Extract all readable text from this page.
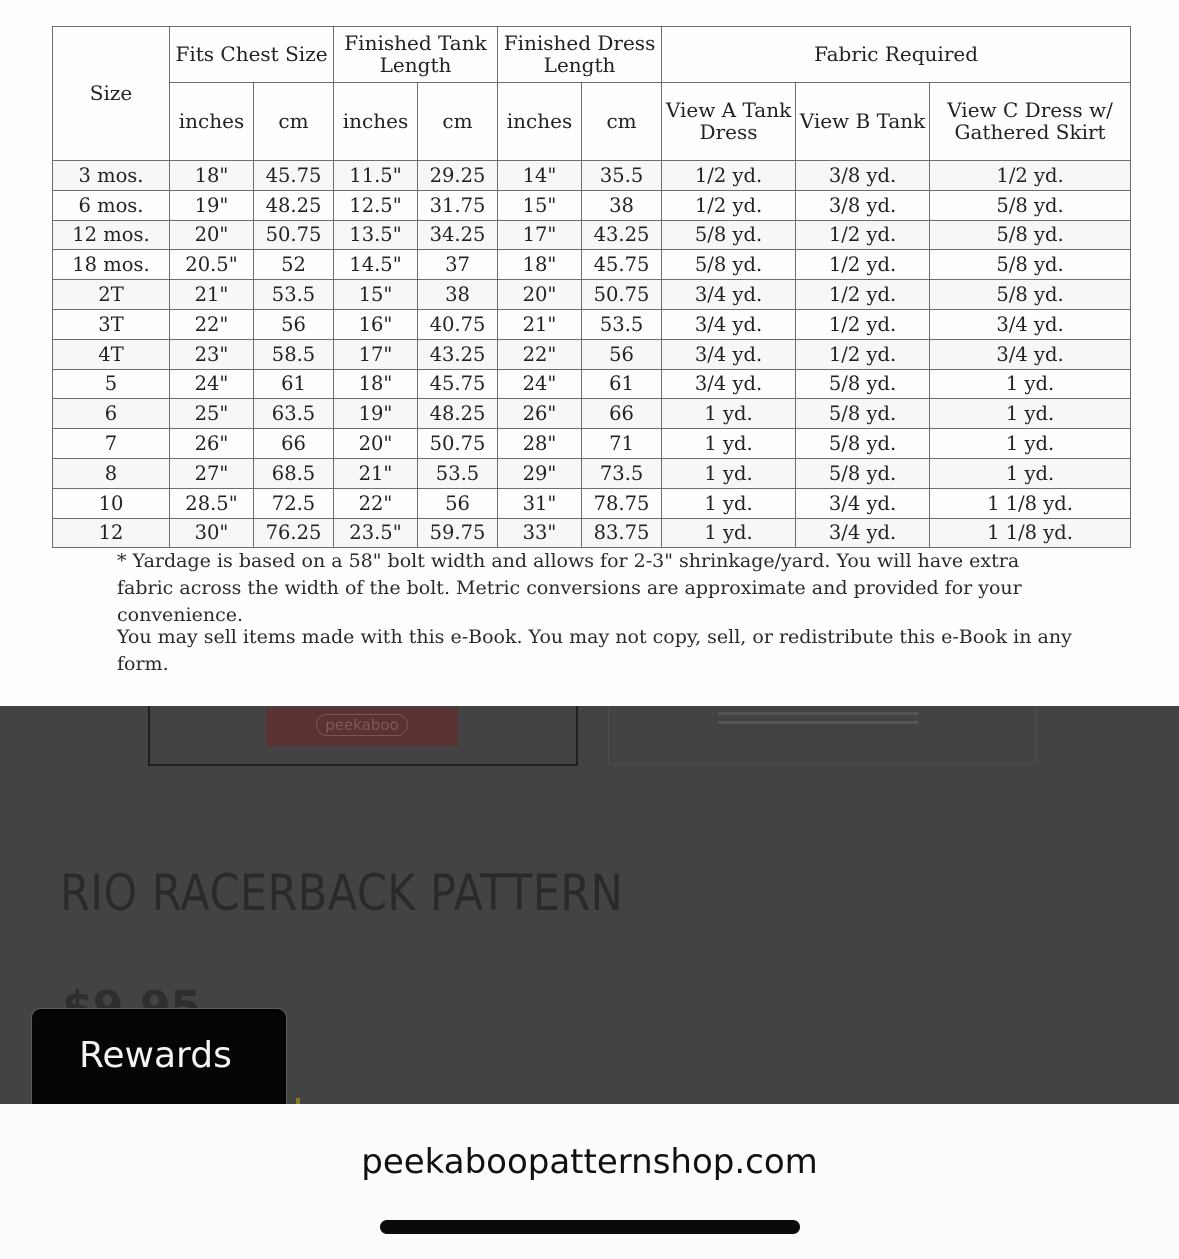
Size	Fits Chest Size		Finished Tank Length		Finished Dress Length		Fabric Required		
	inches	cm	inches	cm	inches	cm	View A Tank Dress	View B Tank	View C Dress w/ Gathered Skirt
3 mos.	18"	45.75	11.5"	29.25	14"	35.5	1/2 yd.	3/8 yd.	1/2 yd.
6 mos.	19"	48.25	12.5"	31.75	15"	38	1/2 yd.	3/8 yd.	5/8 yd.
12 mos.	20"	50.75	13.5"	34.25	17"	43.25	5/8 yd.	1/2 yd.	5/8 yd.
18 mos.	20.5"	52	14.5"	37	18"	45.75	5/8 yd.	1/2 yd.	5/8 yd.
2T	21"	53.5	15"	38	20"	50.75	3/4 yd.	1/2 yd.	5/8 yd.
3T	22"	56	16"	40.75	21"	53.5	3/4 yd.	1/2 yd.	3/4 yd.
4T	23"	58.5	17"	43.25	22"	56	3/4 yd.	1/2 yd.	3/4 yd.
5	24"	61	18"	45.75	24"	61	3/4 yd.	5/8 yd.	1 yd.
6	25"	63.5	19"	48.25	26"	66	1 yd.	5/8 yd.	1 yd.
7	26"	66	20"	50.75	28"	71	1 yd.	5/8 yd.	1 yd.
8	27"	68.5	21"	53.5	29"	73.5	1 yd.	5/8 yd.	1 yd.
10	28.5"	72.5	22"	56	31"	78.75	1 yd.	3/4 yd.	1 1/8 yd.
12	30"	76.25	23.5"	59.75	33"	83.75	1 yd.	3/4 yd.	1 1/8 yd.
* Yardage is based on a 58" bolt width and allows for 2-3" shrinkage/yard. You will have extra fabric across the width of the bolt. Metric conversions are approximate and provided for your convenience.
You may sell items made with this e-Book. You may not copy, sell, or redistribute this e-Book in any form.
peekaboo
RIO RACERBACK PATTERN
Rewards
peekaboopatternshop.com
